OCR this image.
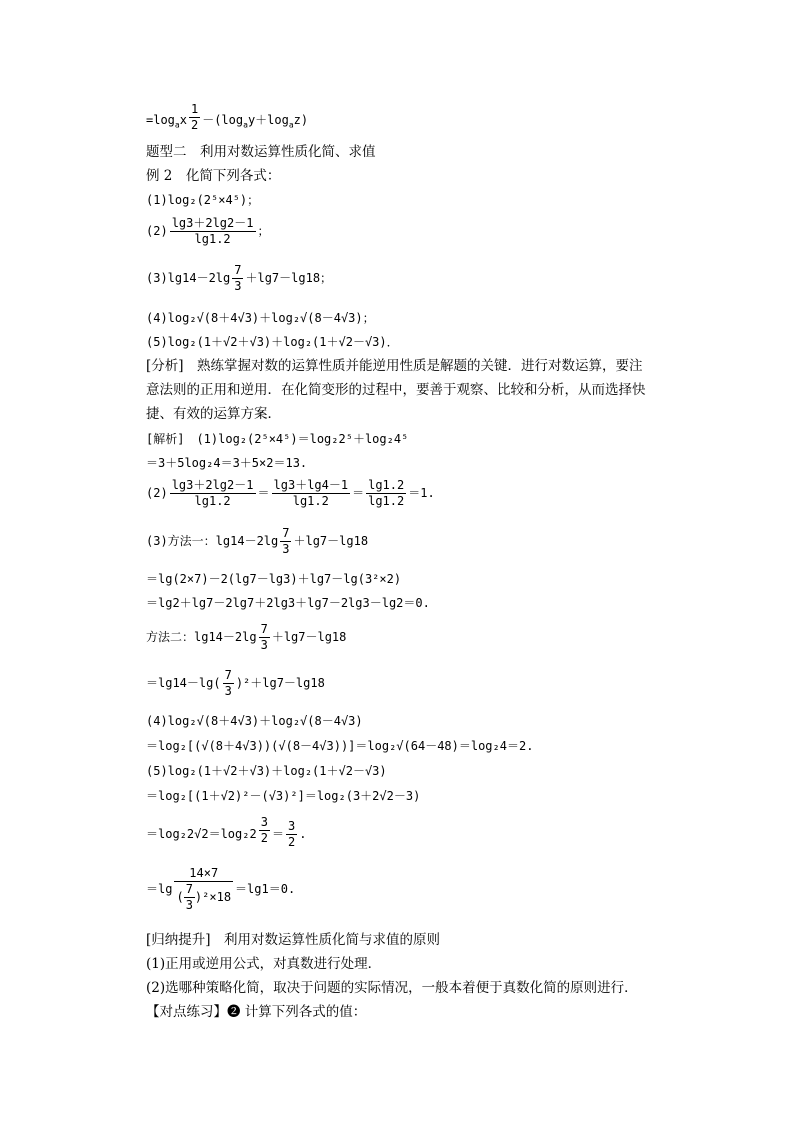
$=\log_ax \frac{1}{2} -(\log_ay+\log_az)$
题型二　利用对数运算性质化简、求值
例 2　化简下列各式：
(1)log₂(2⁵×4⁵)；
$(2) \frac{\lg 3+2\lg 2-1}{\lg 1.2}$ ；
$(3)\lg 14-2\lg \frac{7}{3} +\lg 7-\lg 18$；
(4)log₂√(8＋4√3)＋log₂√(8－4√3)；
(5)log₂(1＋√2＋√3)＋log₂(1＋√2－√3)．
[分析]　熟练掌握对数的运算性质并能逆用性质是解题的关键．进行对数运算，要注意法则的正用和逆用．在化简变形的过程中，要善于观察、比较和分析，从而选择快捷、有效的运算方案．
[解析]　(1)log₂(2⁵×4⁵)＝log₂2⁵＋log₂4⁵
＝3＋5log₂4＝3＋5×2＝13.
$(2) \frac{\lg 3+2\lg 2-1}{\lg 1.2} = \frac{\lg 3+\lg 4-1}{\lg 1.2} = \frac{\lg 1.2}{\lg 1.2} =1$.
(3)方法一：$\lg 14-2\lg \frac{7}{3} +\lg 7-\lg 18$
＝lg(2×7)－2(lg7－lg3)＋lg7－lg(3²×2)
＝lg2＋lg7－2lg7＋2lg3＋lg7－2lg3－lg2＝0.
方法二：$\lg 14-2\lg \frac{7}{3} +\lg 7-\lg 18$
$=\lg 14-\lg( \frac{7}{3} )^2+\lg 7-\lg 18$
(4)log₂√(8＋4√3)＋log₂√(8－4√3)
＝log₂[(√(8＋4√3))(√(8－4√3))]＝log₂√(64－48)＝log₂4＝2.
(5)log₂(1＋√2＋√3)＋log₂(1＋√2－√3)
＝log₂[(1＋√2)²－(√3)²]＝log₂(3＋2√2－3)
$=\log_22√2=\log_22 \frac{3}{2} = \frac{3}{2}$ .
$=\lg \frac{14\times 7}{( \frac{7}{3} )^2\times 18} =\lg 1=0$.
[归纳提升]　利用对数运算性质化简与求值的原则
(1)正用或逆用公式，对真数进行处理．
(2)选哪种策略化简，取决于问题的实际情况，一般本着便于真数化简的原则进行．
【对点练习】❷ 计算下列各式的值：
